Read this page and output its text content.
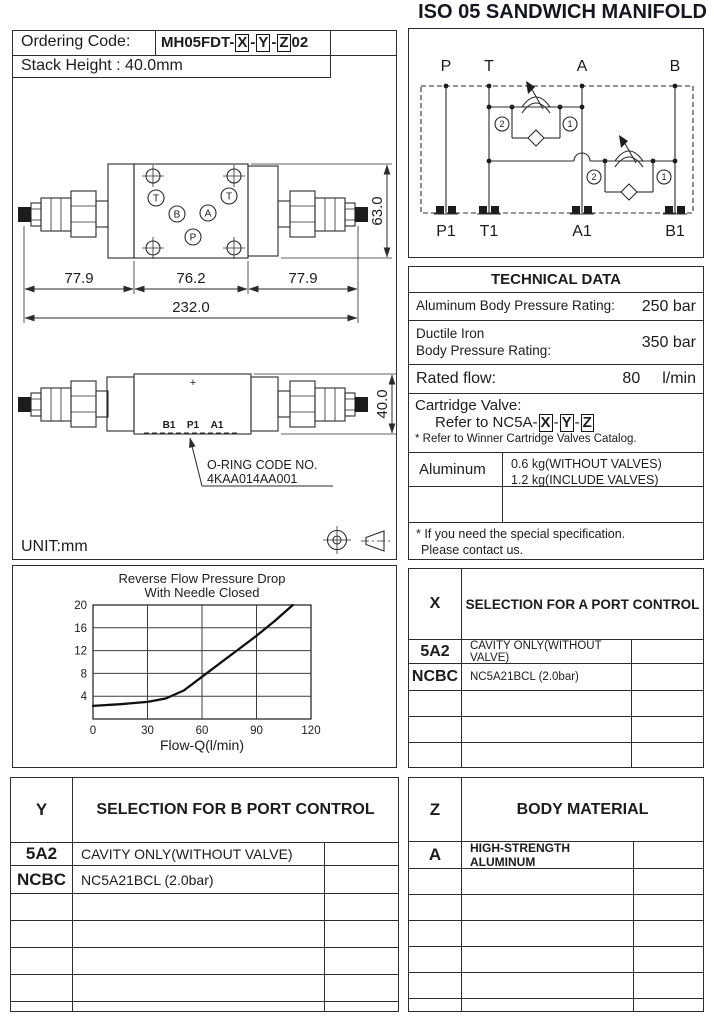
ISO 05 SANDWICH MANIFOLD
Ordering Code:	MH05FDT- X - Y - Z 02
Stack Height : 40.0mm
T	T
B A
P
63.0
77.9	76.2	77.9
232.0
+
B1 P1 A1
O-RING CODE NO.
4KAA014AA001
40.0
UNIT:mm
P T	A	B
2	1
2	1
P1 T1	A1	B1
TECHNICAL DATA
Aluminum Body Pressure Rating:	250 bar
Ductile Iron
Body Pressure Rating:	350 bar
Rated flow:	80 l/min
Cartridge Valve:
Refer to NC5A- X - Y - Z
* Refer to Winner Cartridge Valves Catalog.
Aluminum	0.6 kg(WITHOUT VALVES)
1.2 kg(INCLUDE VALVES)
* If you need the special specification.
Please contact us.
Reverse Flow Pressure Drop
With Needle Closed
0	30	60	90	120
4
8
12
16
20
Flow-Q(l/min)
X	SELECTION FOR A PORT CONTROL
5A2	CAVITY ONLY(WITHOUT VALVE)
NCBC	NC5A21BCL (2.0bar)
Y	SELECTION FOR B PORT CONTROL
5A2	CAVITY ONLY(WITHOUT VALVE)
NCBC	NC5A21BCL (2.0bar)
Z	BODY MATERIAL
A	HIGH-STRENGTH ALUMINUM
